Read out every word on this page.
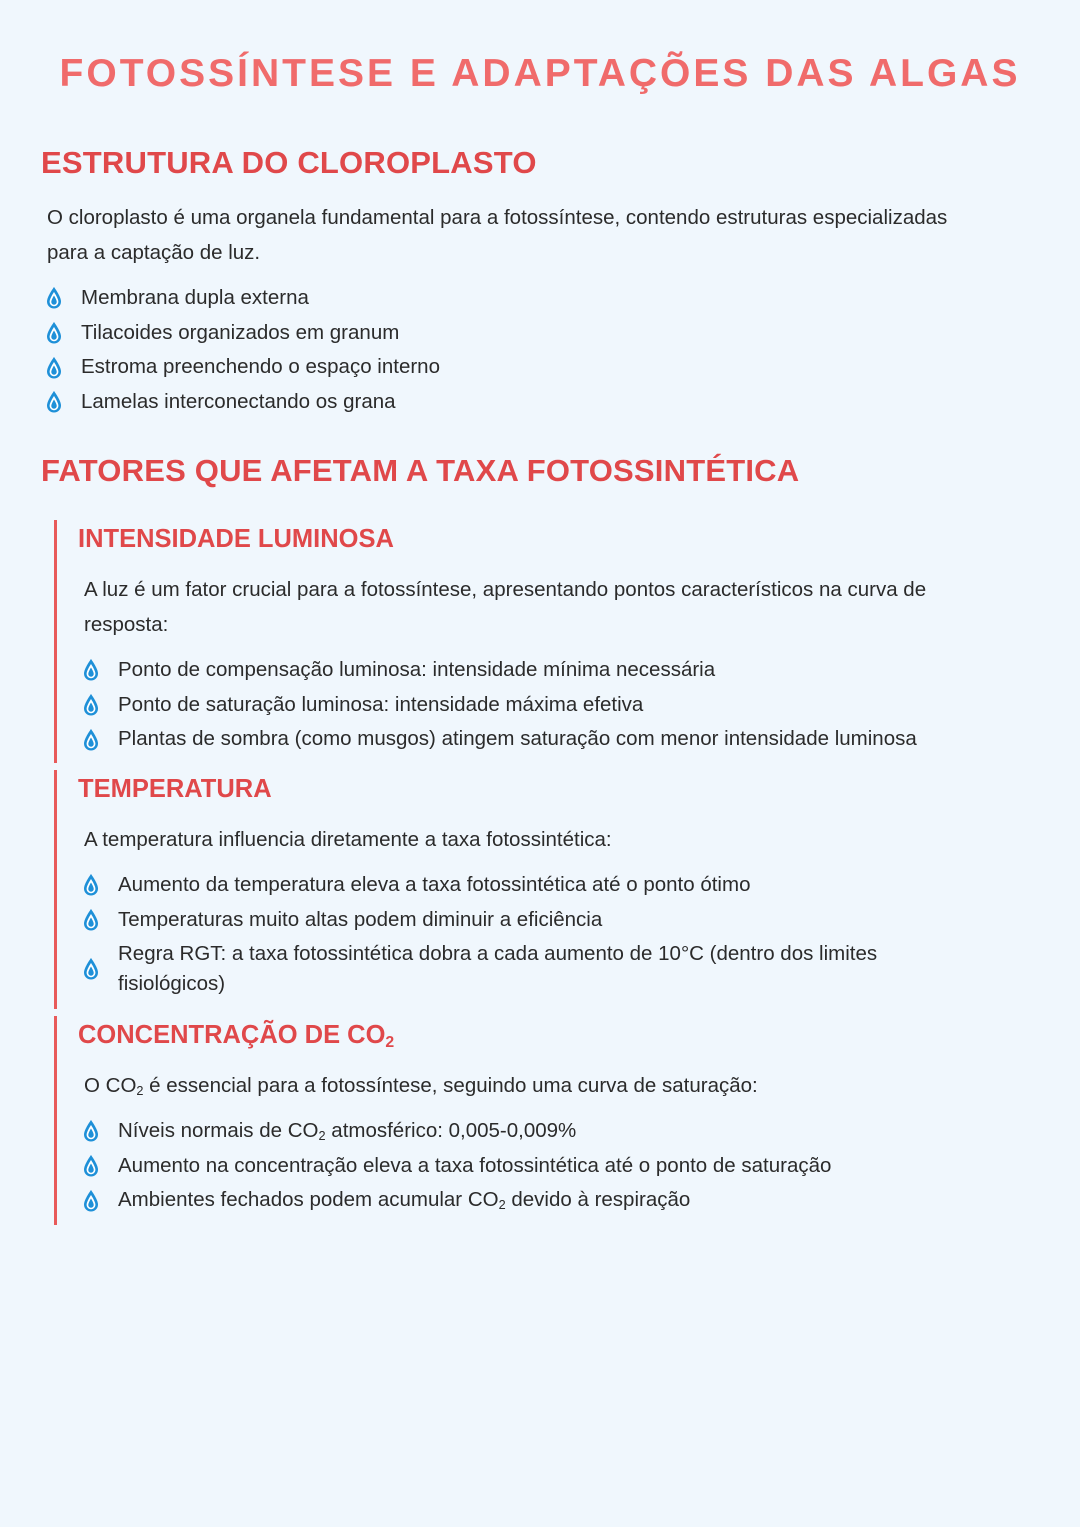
FOTOSSÍNTESE E ADAPTAÇÕES DAS ALGAS
ESTRUTURA DO CLOROPLASTO

O cloroplasto é uma organela fundamental para a fotossíntese, contendo estruturas especializadas
para a captação de luz.

Membrana dupla externa
Tilacoides organizados em granum
Estroma preenchendo o espaço interno
Lamelas interconectando os grana
FATORES QUE AFETAM A TAXA FOTOSSINTÉTICA
INTENSIDADE LUMINOSA

A luz é um fator crucial para a fotossíntese, apresentando pontos característicos na curva de
resposta:

Ponto de compensação luminosa: intensidade mínima necessária
Ponto de saturação luminosa: intensidade máxima efetiva
Plantas de sombra (como musgos) atingem saturação com menor intensidade luminosa
TEMPERATURA

A temperatura influencia diretamente a taxa fotossintética:

Aumento da temperatura eleva a taxa fotossintética até o ponto ótimo
Temperaturas muito altas podem diminuir a eficiência
Regra RGT: a taxa fotossintética dobra a cada aumento de 10°C (dentro dos limites
fisiológicos)
CONCENTRAÇÃO DE $CO_2$

O $CO_2$ é essencial para a fotossíntese, seguindo uma curva de saturação:

Níveis normais de $CO_2$ atmosférico: 0,005-0,009%
Aumento na concentração eleva a taxa fotossintética até o ponto de saturação
Ambientes fechados podem acumular $CO_2$ devido à respiração
